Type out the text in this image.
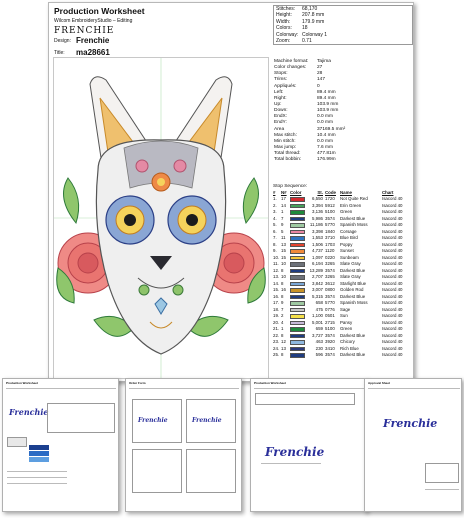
Production Worksheet
Wilcom EmbroideryStudio – Editing
FRENCHIE
Design: Frenchie
Title: ma28661
Stitches:	68,170
Height:	207.8 mm
Width:	179.9 mm
Colors:	18
Colorway: Colorway 1
Zoom:	0.71
Machine format:	Tajima
Color changes:	27
Stops:	28
Trims:	147
Appliqués:	0
Left:	89.4 mm
Right:	89.4 mm
Up:	103.9 mm
Down:	103.9 mm
EndX:	0.0 mm
EndY:	0.0 mm
Area	37169.5 mm²
Max stitch:	10.4 mm
Min stitch:	0.0 mm
Max jump:	7.6 mm
Total thread:	477.81m
Total bobbin:	176.99m
Stop Sequence:
#	N# Color	St. Code Name	Chart
1. 17	6,550 1720	Not Quite Red	Isacord 40
2. 14	3,394 5912	Erin Green	Isacord 40
3. 1	3,136 5100	Green	Isacord 40
4. 7	5,986 3574	Darkest Blue	Isacord 40
5. 9	11,186 5770	Spanish Moss	Isacord 40
6. 5	3,398 1840	Corsage	Isacord 40
7. 11	1,553 3710	Blue Bird	Isacord 40
8. 13	1,506 1703	Poppy	Isacord 40
9. 15	4,737 1120	Sunset	Isacord 40
10. 15	1,097 0220	Sunbeam	Isacord 40
11. 10	6,194 3265	Slate Gray	Isacord 40
12. 8	13,289 3574	Darkest Blue	Isacord 40
13. 10	2,707 3265	Slate Gray	Isacord 40
14. 8	3,842 3612	Starlight Blue	Isacord 40
15. 16	3,007 0800	Golden Rod	Isacord 40
16. 8	5,315 3574	Darkest Blue	Isacord 40
17. 9	658 5770	Spanish Moss	Isacord 40
18. 7	475 0776	Sage	Isacord 40
19. 2	1,100 0501	Sun	Isacord 40
20. 4	5,001 2715	Pansy	Isacord 40
21. 1	659 5100	Green	Isacord 40
22. 8	3,727 3574	Darkest Blue	Isacord 40
23. 12	463 3920	Chicory	Isacord 40
24. 13	230 3410	Rich Blue	Isacord 40
25. 8	596 3574	Darkest Blue	Isacord 40
Production Worksheet
Frenchie
Order Form
Frenchie	Frenchie
Production Worksheet
Frenchie
Approval Sheet
Frenchie
